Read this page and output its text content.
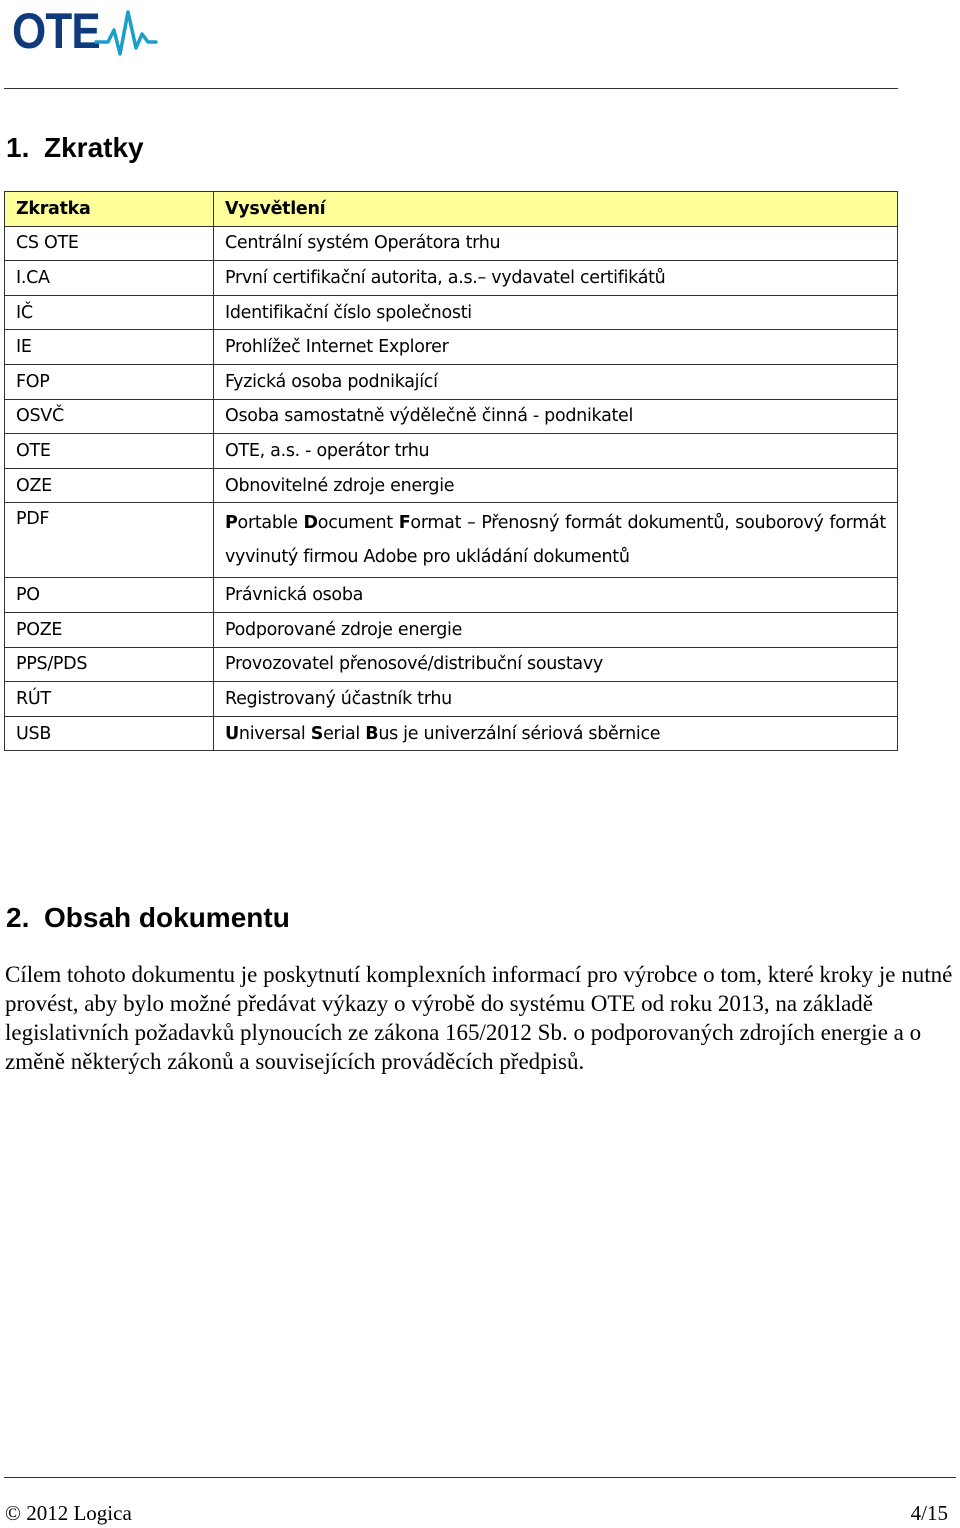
OTE
1. Zkratky
Zkratka	Vysvětlení
CS OTE	Centrální systém Operátora trhu
I.CA	První certifikační autorita, a.s.– vydavatel certifikátů
IČ	Identifikační číslo společnosti
IE	Prohlížeč Internet Explorer
FOP	Fyzická osoba podnikající
OSVČ	Osoba samostatně výdělečně činná - podnikatel
OTE	OTE, a.s. - operátor trhu
OZE	Obnovitelné zdroje energie
PDF	Portable Document Format – Přenosný formát dokumentů, souborový formát vyvinutý firmou Adobe pro ukládání dokumentů
PO	Právnická osoba
POZE	Podporované zdroje energie
PPS/PDS	Provozovatel přenosové/distribuční soustavy
RÚT	Registrovaný účastník trhu
USB	Universal Serial Bus je univerzální sériová sběrnice
2. Obsah dokumentu

Cílem tohoto dokumentu je poskytnutí komplexních informací pro výrobce o tom, které kroky je nutné provést, aby bylo možné předávat výkazy o výrobě do systému OTE od roku 2013, na základě legislativních požadavků plynoucích ze zákona 165/2012 Sb. o podporovaných zdrojích energie a o změně některých zákonů a souvisejících prováděcích předpisů.

© 2012 Logica	4/15
